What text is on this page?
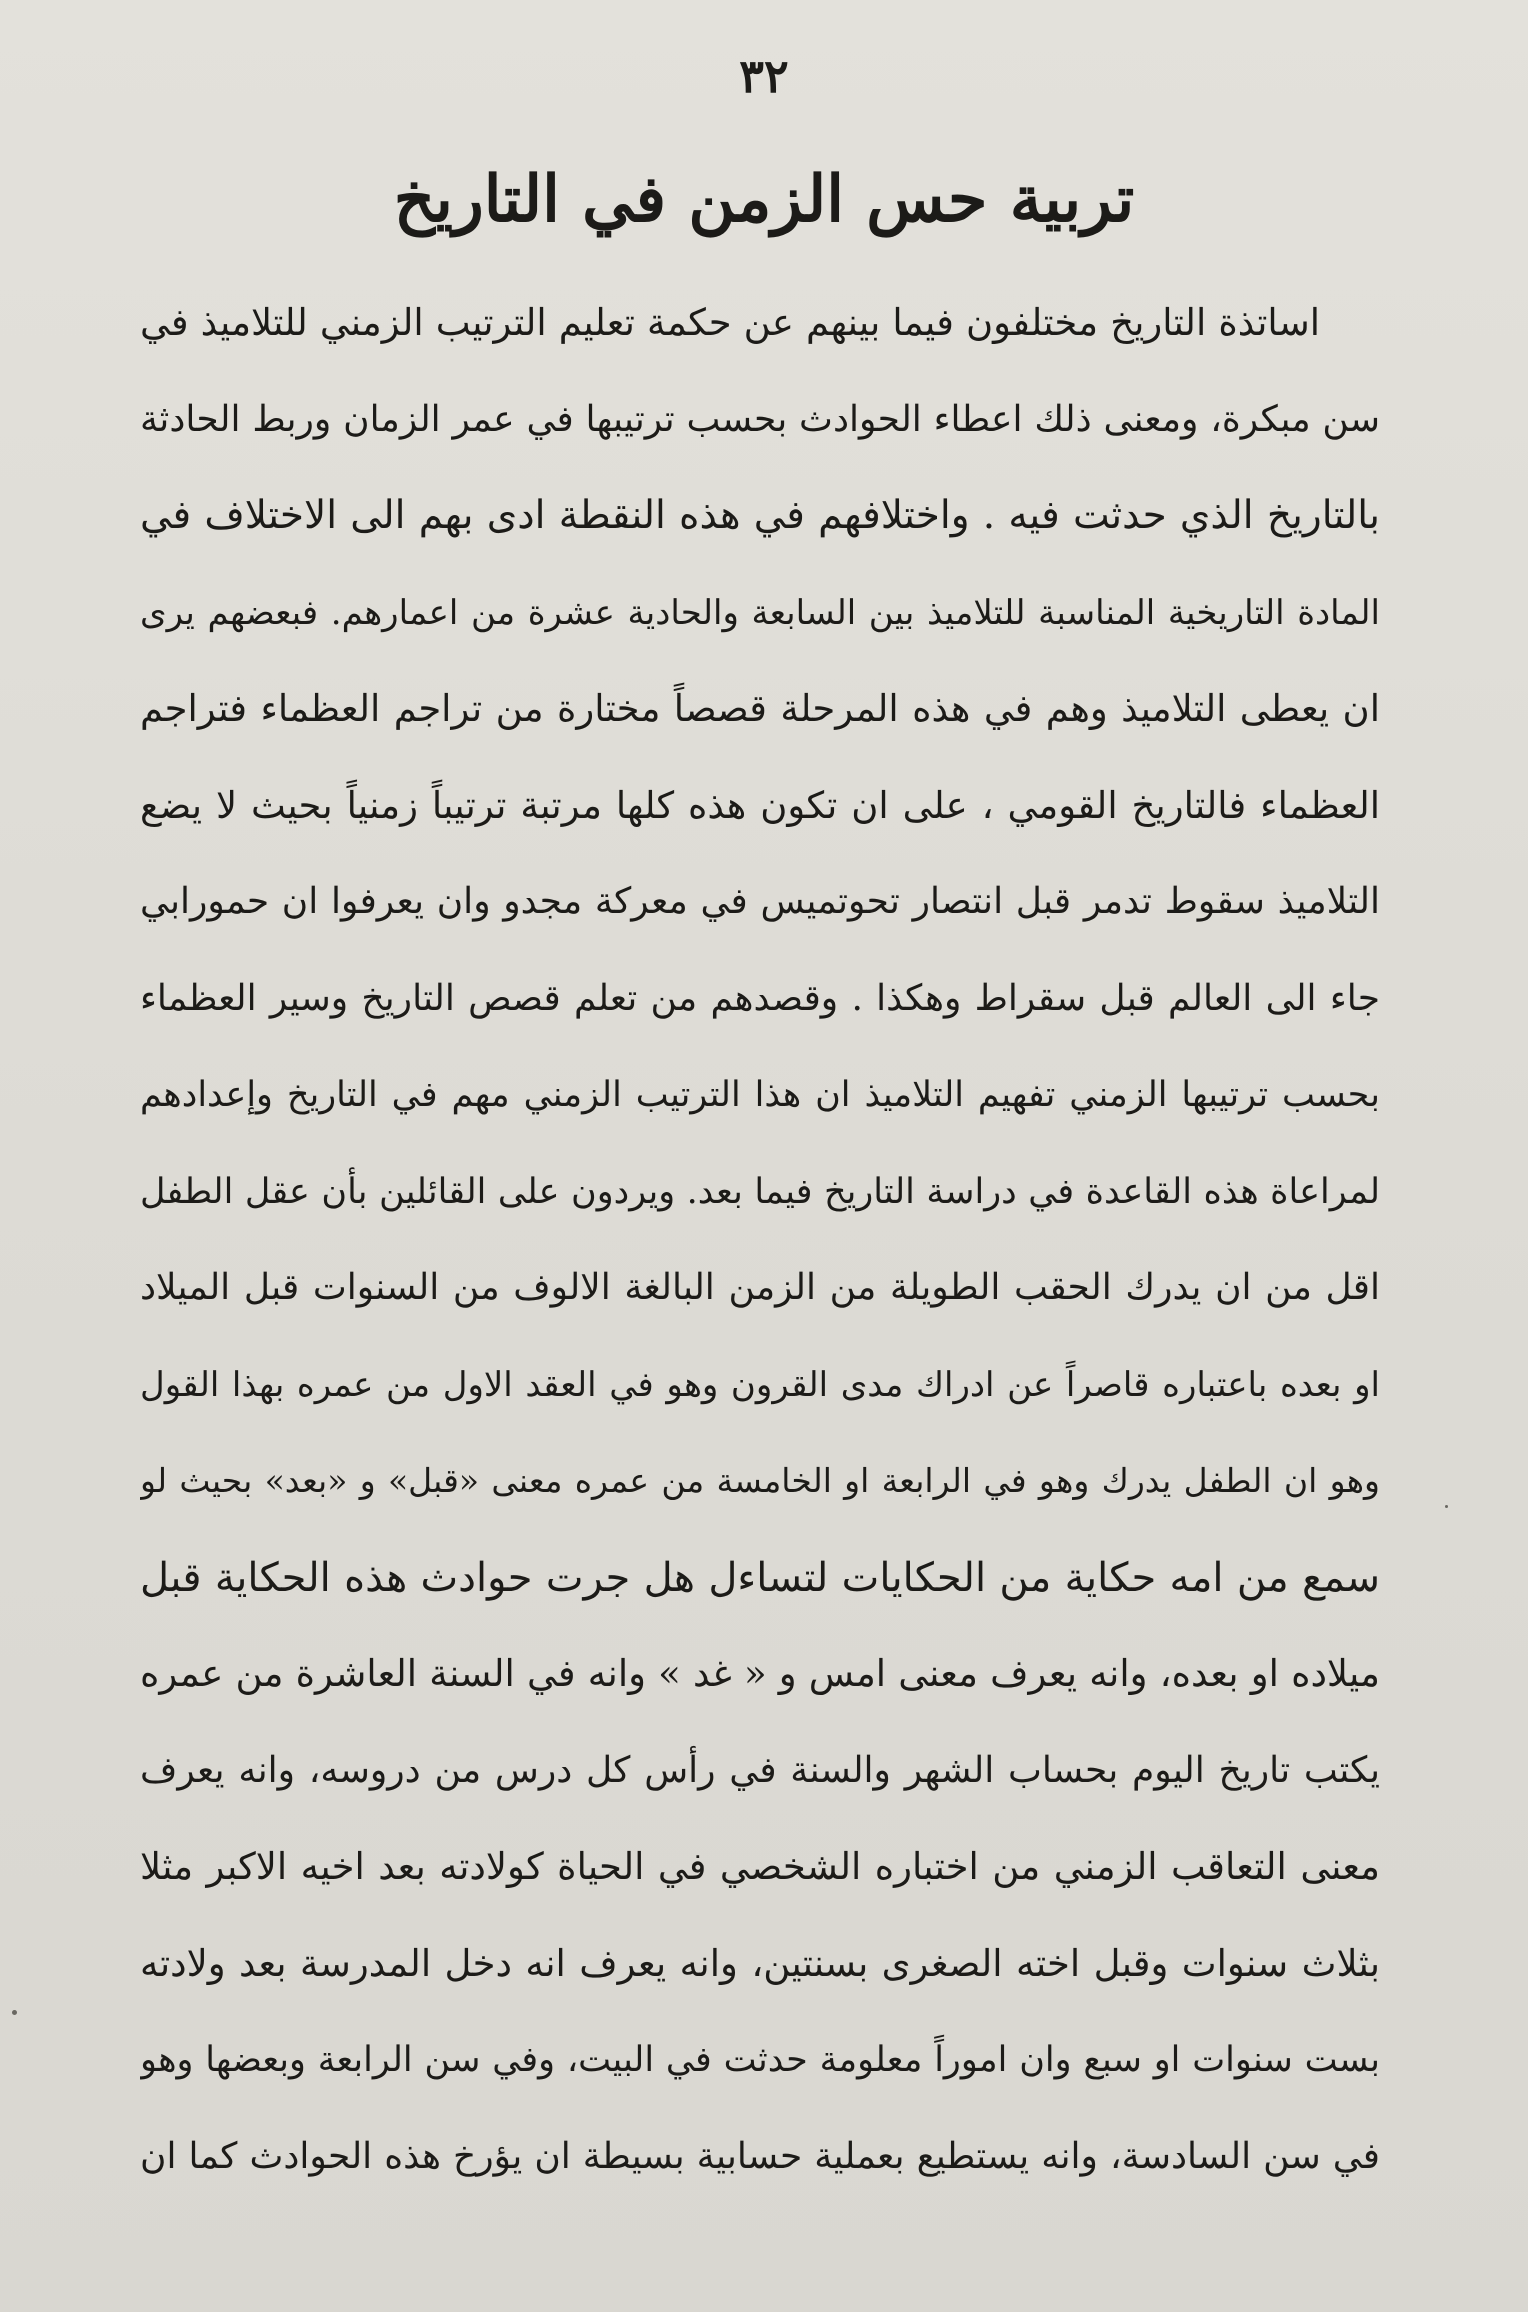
٣٢
تربية حس الزمن في التاريخ
اساتذة التاريخ مختلفون فيما بينهم عن حكمة تعليم الترتيب الزمني للتلاميذ في
سن مبكرة، ومعنى ذلك اعطاء الحوادث بحسب ترتيبها في عمر الزمان وربط الحادثة
بالتاريخ الذي حدثت فيه . واختلافهم في هذه النقطة ادى بهم الى الاختلاف في
المادة التاريخية المناسبة للتلاميذ بين السابعة والحادية عشرة من اعمارهم. فبعضهم يرى
ان يعطى التلاميذ وهم في هذه المرحلة قصصاً مختارة من تراجم العظماء فتراجم
العظماء فالتاريخ القومي ، على ان تكون هذه كلها مرتبة ترتيباً زمنياً بحيث لا يضع
التلاميذ سقوط تدمر قبل انتصار تحوتميس في معركة مجدو وان يعرفوا ان حمورابي
جاء الى العالم قبل سقراط وهكذا . وقصدهم من تعلم قصص التاريخ وسير العظماء
بحسب ترتيبها الزمني تفهيم التلاميذ ان هذا الترتيب الزمني مهم في التاريخ وإعدادهم
لمراعاة هذه القاعدة في دراسة التاريخ فيما بعد. ويردون على القائلين بأن عقل الطفل
اقل من ان يدرك الحقب الطويلة من الزمن البالغة الالوف من السنوات قبل الميلاد
او بعده باعتباره قاصراً عن ادراك مدى القرون وهو في العقد الاول من عمره بهذا القول
وهو ان الطفل يدرك وهو في الرابعة او الخامسة من عمره معنى «قبل» و «بعد» بحيث لو
سمع من امه حكاية من الحكايات لتساءل هل جرت حوادث هذه الحكاية قبل
ميلاده او بعده، وانه يعرف معنى امس و « غد » وانه في السنة العاشرة من عمره
يكتب تاريخ اليوم بحساب الشهر والسنة في رأس كل درس من دروسه، وانه يعرف
معنى التعاقب الزمني من اختباره الشخصي في الحياة كولادته بعد اخيه الاكبر مثلا
بثلاث سنوات وقبل اخته الصغرى بسنتين، وانه يعرف انه دخل المدرسة بعد ولادته
بست سنوات او سبع وان اموراً معلومة حدثت في البيت، وفي سن الرابعة وبعضها وهو
في سن السادسة، وانه يستطيع بعملية حسابية بسيطة ان يؤرخ هذه الحوادث كما ان
